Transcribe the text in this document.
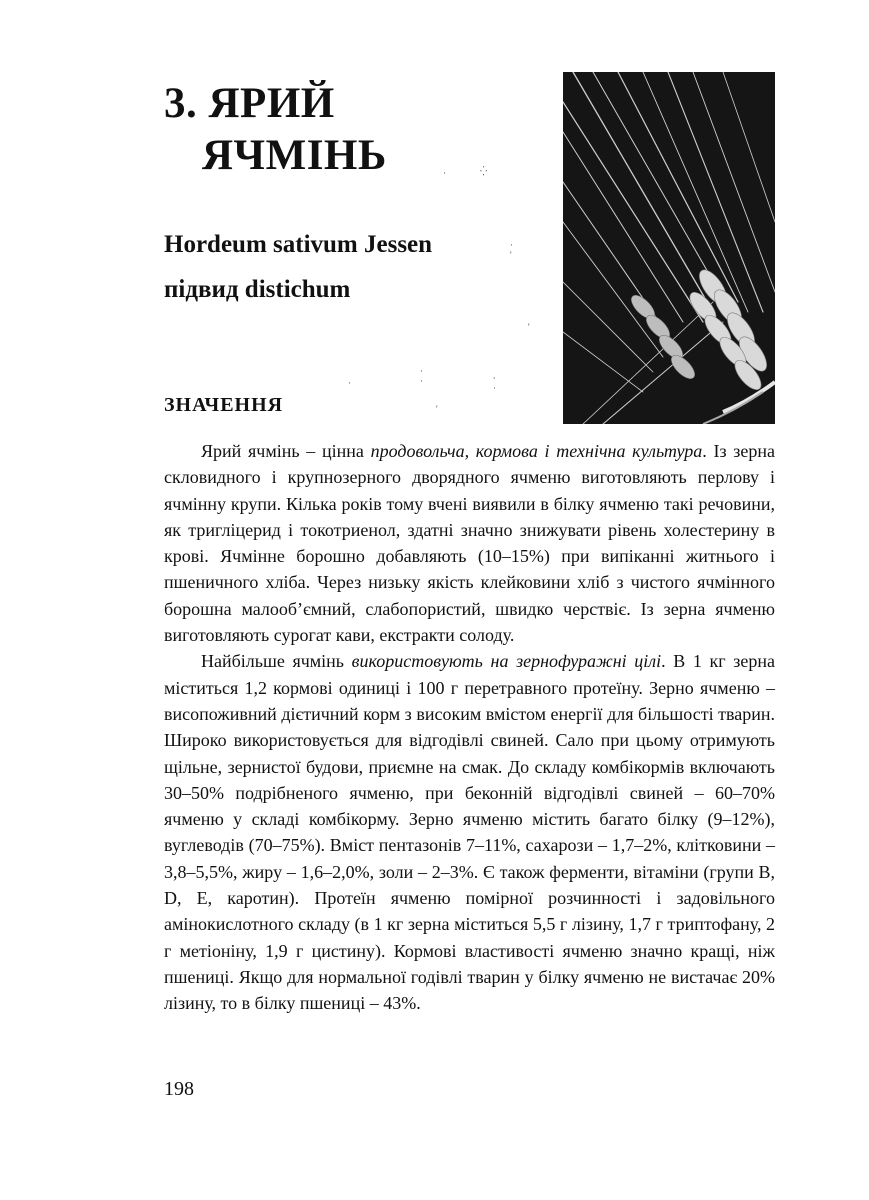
3. ЯРИЙ
ЯЧМІНЬ
Hordeum sativum Jessen
підвид distichum
·	⁛
· '
'
· ·	⸳ ·
·
'
ЗНАЧЕННЯ

Ярий ячмінь – цінна продовольча, кормова і технічна культура. Із зерна скловидного і крупнозерного дворядного ячменю виготовляють перлову і ячмінну крупи. Кілька років тому вчені виявили в білку ячменю такі речовини, як тригліцерид і токотриенол, здатні значно знижувати рівень холестерину в крові. Ячмінне борошно добавляють (10–15%) при випіканні житнього і пшеничного хліба. Через низьку якість клейковини хліб з чистого ячмінного борошна малооб’ємний, слабопористий, швидко черствіє. Із зерна ячменю виготовляють сурогат кави, екстракти солоду.

Найбільше ячмінь використовують на зернофуражні цілі. В 1 кг зерна міститься 1,2 кормові одиниці і 100 г перетравного протеїну. Зерно ячменю – висопоживний дієтичний корм з високим вмістом енергії для більшості тварин. Широко використовується для відгодівлі свиней. Сало при цьому отримують щільне, зернистої будови, приємне на смак. До складу комбікормів включають 30–50% подрібненого ячменю, при беконній відгодівлі свиней – 60–70% ячменю у складі комбікорму. Зерно ячменю містить багато білку (9–12%), вуглеводів (70–75%). Вміст пентазонів 7–11%, сахарози – 1,7–2%, клітковини – 3,8–5,5%, жиру – 1,6–2,0%, золи – 2–3%. Є також ферменти, вітаміни (групи B, D, E, каротин). Протеїн ячменю помірної розчинності і задовільного амінокислотного складу (в 1 кг зерна міститься 5,5 г лізину, 1,7 г триптофану, 2 г метіоніну, 1,9 г цистину). Кормові властивості ячменю значно кращі, ніж пшениці. Якщо для нормальної годівлі тварин у білку ячменю не вистачає 20% лізину, то в білку пшениці – 43%.

198
